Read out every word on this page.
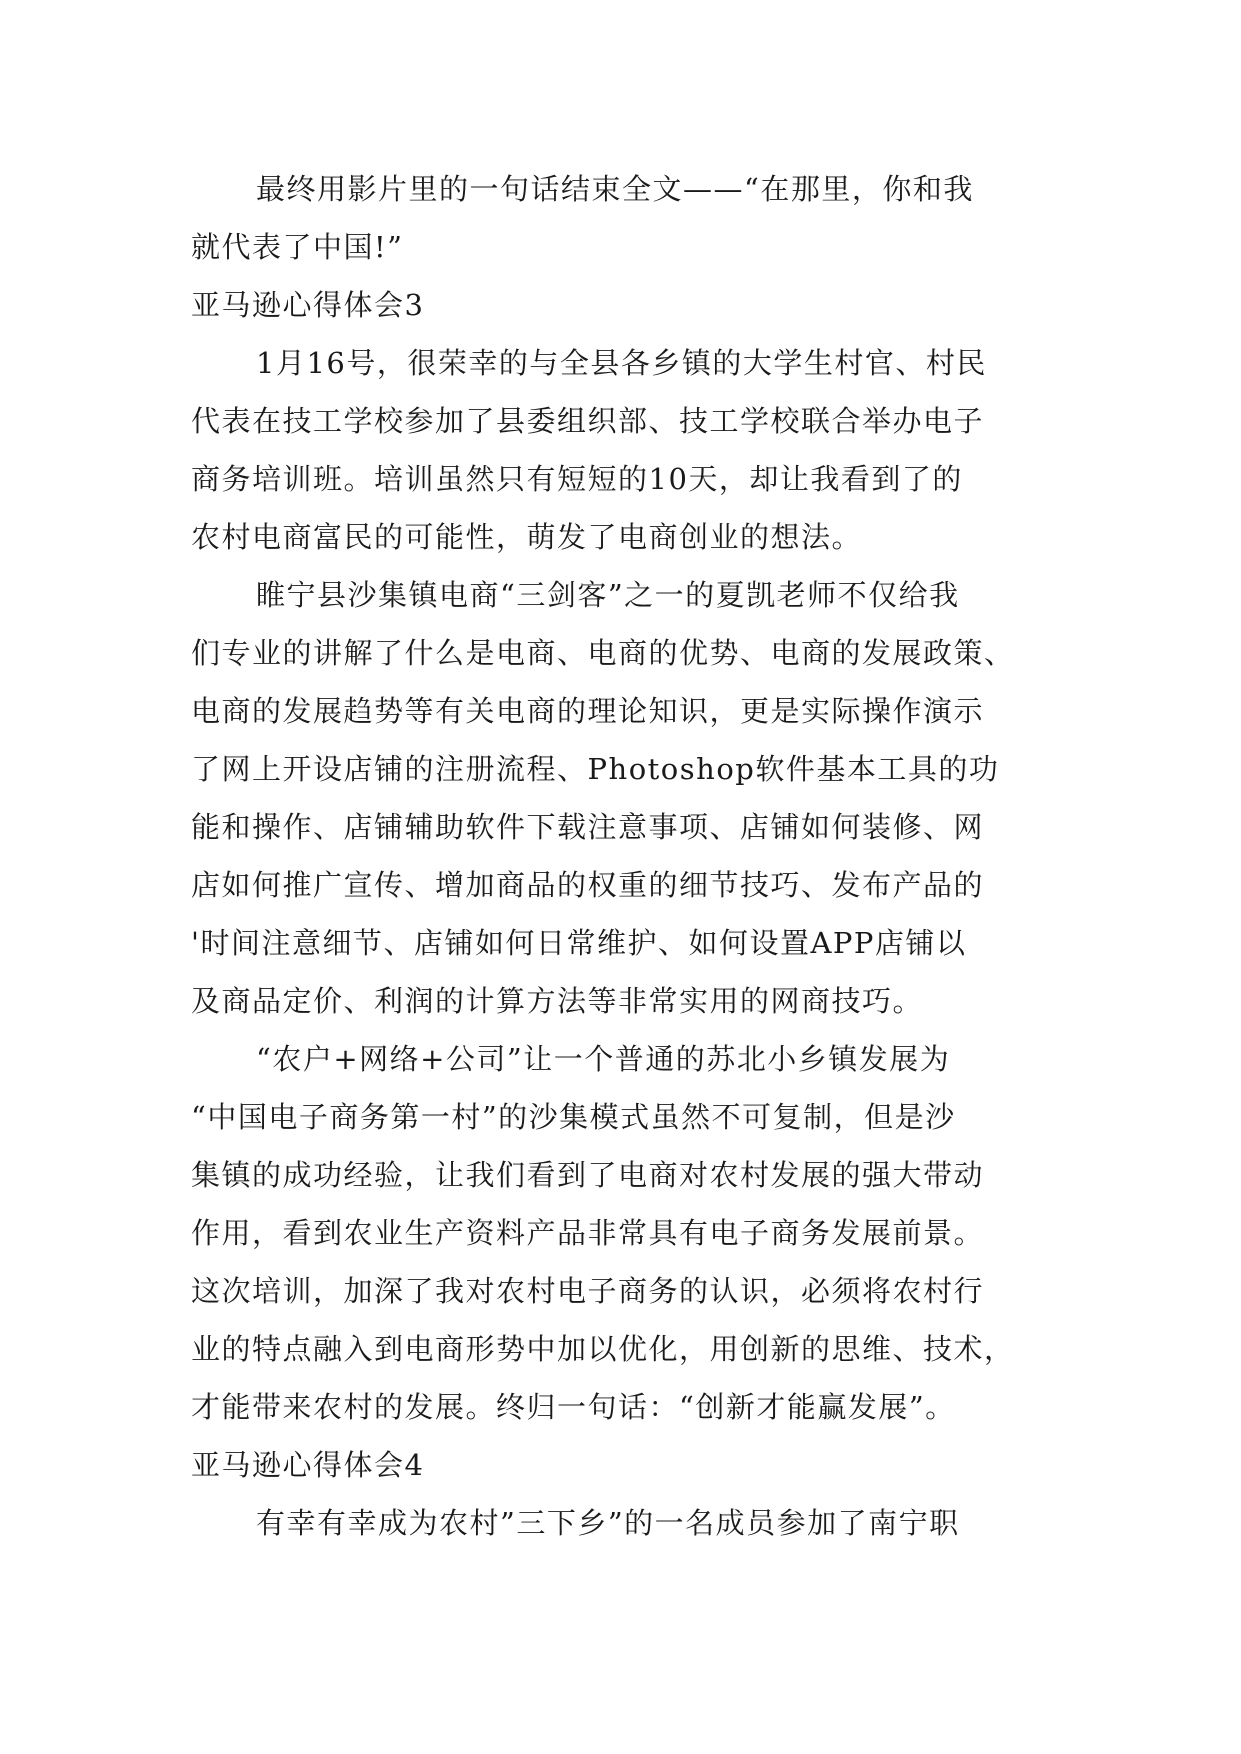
最终用影片里的一句话结束全文——“在那里，你和我
就代表了中国!”
亚马逊心得体会3
1月16号，很荣幸的与全县各乡镇的大学生村官、村民
代表在技工学校参加了县委组织部、技工学校联合举办电子
商务培训班。培训虽然只有短短的10天，却让我看到了的
农村电商富民的可能性，萌发了电商创业的想法。
睢宁县沙集镇电商“三剑客”之一的夏凯老师不仅给我
们专业的讲解了什么是电商、电商的优势、电商的发展政策、
电商的发展趋势等有关电商的理论知识，更是实际操作演示
了网上开设店铺的注册流程、Photoshop软件基本工具的功
能和操作、店铺辅助软件下载注意事项、店铺如何装修、网
店如何推广宣传、增加商品的权重的细节技巧、发布产品的
'时间注意细节、店铺如何日常维护、如何设置APP店铺以
及商品定价、利润的计算方法等非常实用的网商技巧。
“农户+网络+公司”让一个普通的苏北小乡镇发展为
“中国电子商务第一村”的沙集模式虽然不可复制，但是沙
集镇的成功经验，让我们看到了电商对农村发展的强大带动
作用，看到农业生产资料产品非常具有电子商务发展前景。
这次培训，加深了我对农村电子商务的认识，必须将农村行
业的特点融入到电商形势中加以优化，用创新的思维、技术，
才能带来农村的发展。终归一句话：“创新才能赢发展”。
亚马逊心得体会4
有幸有幸成为农村”三下乡”的一名成员参加了南宁职
